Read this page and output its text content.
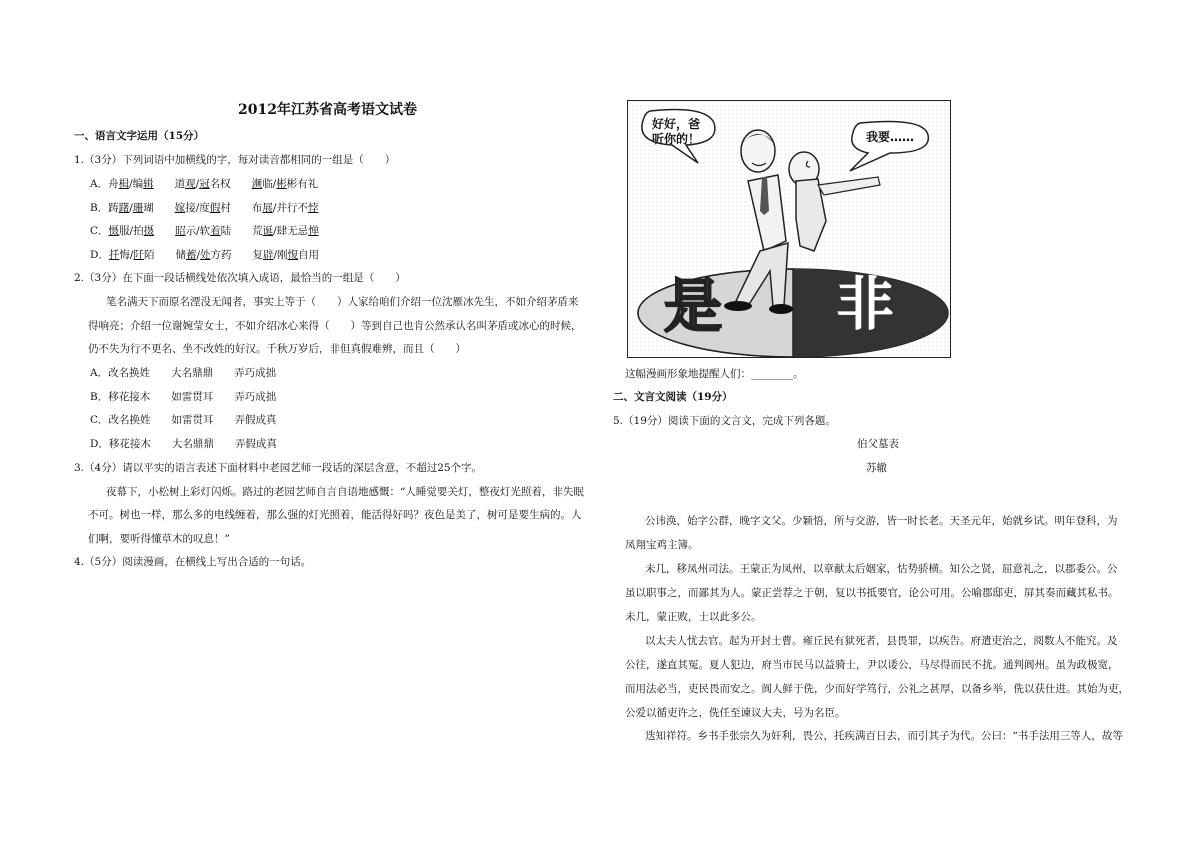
2012年江苏省高考语文试卷
一、语言文字运用（15分）
1.（3分）下列词语中加横线的字，每对读音都相同的一组是（　　）
A．舟楫/编辑　　道观/冠名权　　濒临/彬彬有礼
B．踌躇/珊瑚　　嫁接/度假村　　布展/并行不悖
C．慑服/拍摄　　 昭示/软着陆　　荒诞/肆无忌惮
D．扦悔/阡陌　　储蓄/处方药　　复辟/刚愎自用
2.（3分）在下面一段话横线处依次填入成语，最恰当的一组是（　　）
笔名满天下而原名湮没无闻者，事实上等于（　　）人家给咱们介绍一位沈雁冰先生，不如介绍茅盾来
得响亮；介绍一位谢婉莹女士，不如介绍冰心来得（　　）等到自己也肯公然承认名叫茅盾或冰心的时候，
仍不失为行不更名、坐不改姓的好汉。千秋万岁后，非但真假难辨，而且（　　）
A．改名换姓　　大名鼎鼎　　弄巧成拙
B．移花接木　　如雷贯耳　　弄巧成拙
C．改名换姓　　如雷贯耳　　弄假成真
D．移花接木　　大名鼎鼎　　弄假成真
3.（4分）请以平实的语言表述下面材料中老园艺师一段话的深层含意，不超过25个字。
夜幕下，小松树上彩灯闪烁。路过的老园艺师自言自语地感慨：“人睡觉要关灯，整夜灯光照着，非失眠
不可。树也一样，那么多的电线缠着，那么强的灯光照着，能活得好吗？夜色是美了，树可是要生病的。人
们啊，要听得懂草木的叹息！”
4.（5分）阅读漫画，在横线上写出合适的一句话。
好好，爸
听你的！	我要……
是 非
这幅漫画形象地提醒人们：________。
二、文言文阅读（19分）
5.（19分）阅读下面的文言文，完成下列各题。
伯父墓表
苏辙
公讳涣，始字公群，晚字文父。少颖悟，所与交游，皆一时长老。天圣元年，始就乡试。明年登科，为
凤翔宝鸡主簿。
未几，移凤州司法。王蒙正为凤州，以章献太后姻家，怙势骄横。知公之贤，屈意礼之，以郡委公。公
虽以职事之，而鄙其为人。蒙正尝荐之于朝，复以书抵要官，论公可用。公喻郡邸吏，屏其奏而藏其私书。
未几，蒙正败，士以此多公。
以太夫人忧去官。起为开封士曹。雍丘民有狱死者，县畏罪，以疾告。府遣吏治之，阅数人不能究。及
公往，遂直其冤。夏人犯边，府当市民马以益骑士，尹以诿公，马尽得而民不扰。通判阆州。虽为政极宽，
而用法必当，吏民畏而安之。阆人鲜于侁，少而好学笃行，公礼之甚厚，以备乡举，侁以获仕进。其始为吏，
公爱以循吏许之，侁任至谏议大夫，号为名臣。
迭知祥符。乡书手张宗久为奸利，畏公，托疾满百日去，而引其子为代。公曰：“书手法用三等人，故等
